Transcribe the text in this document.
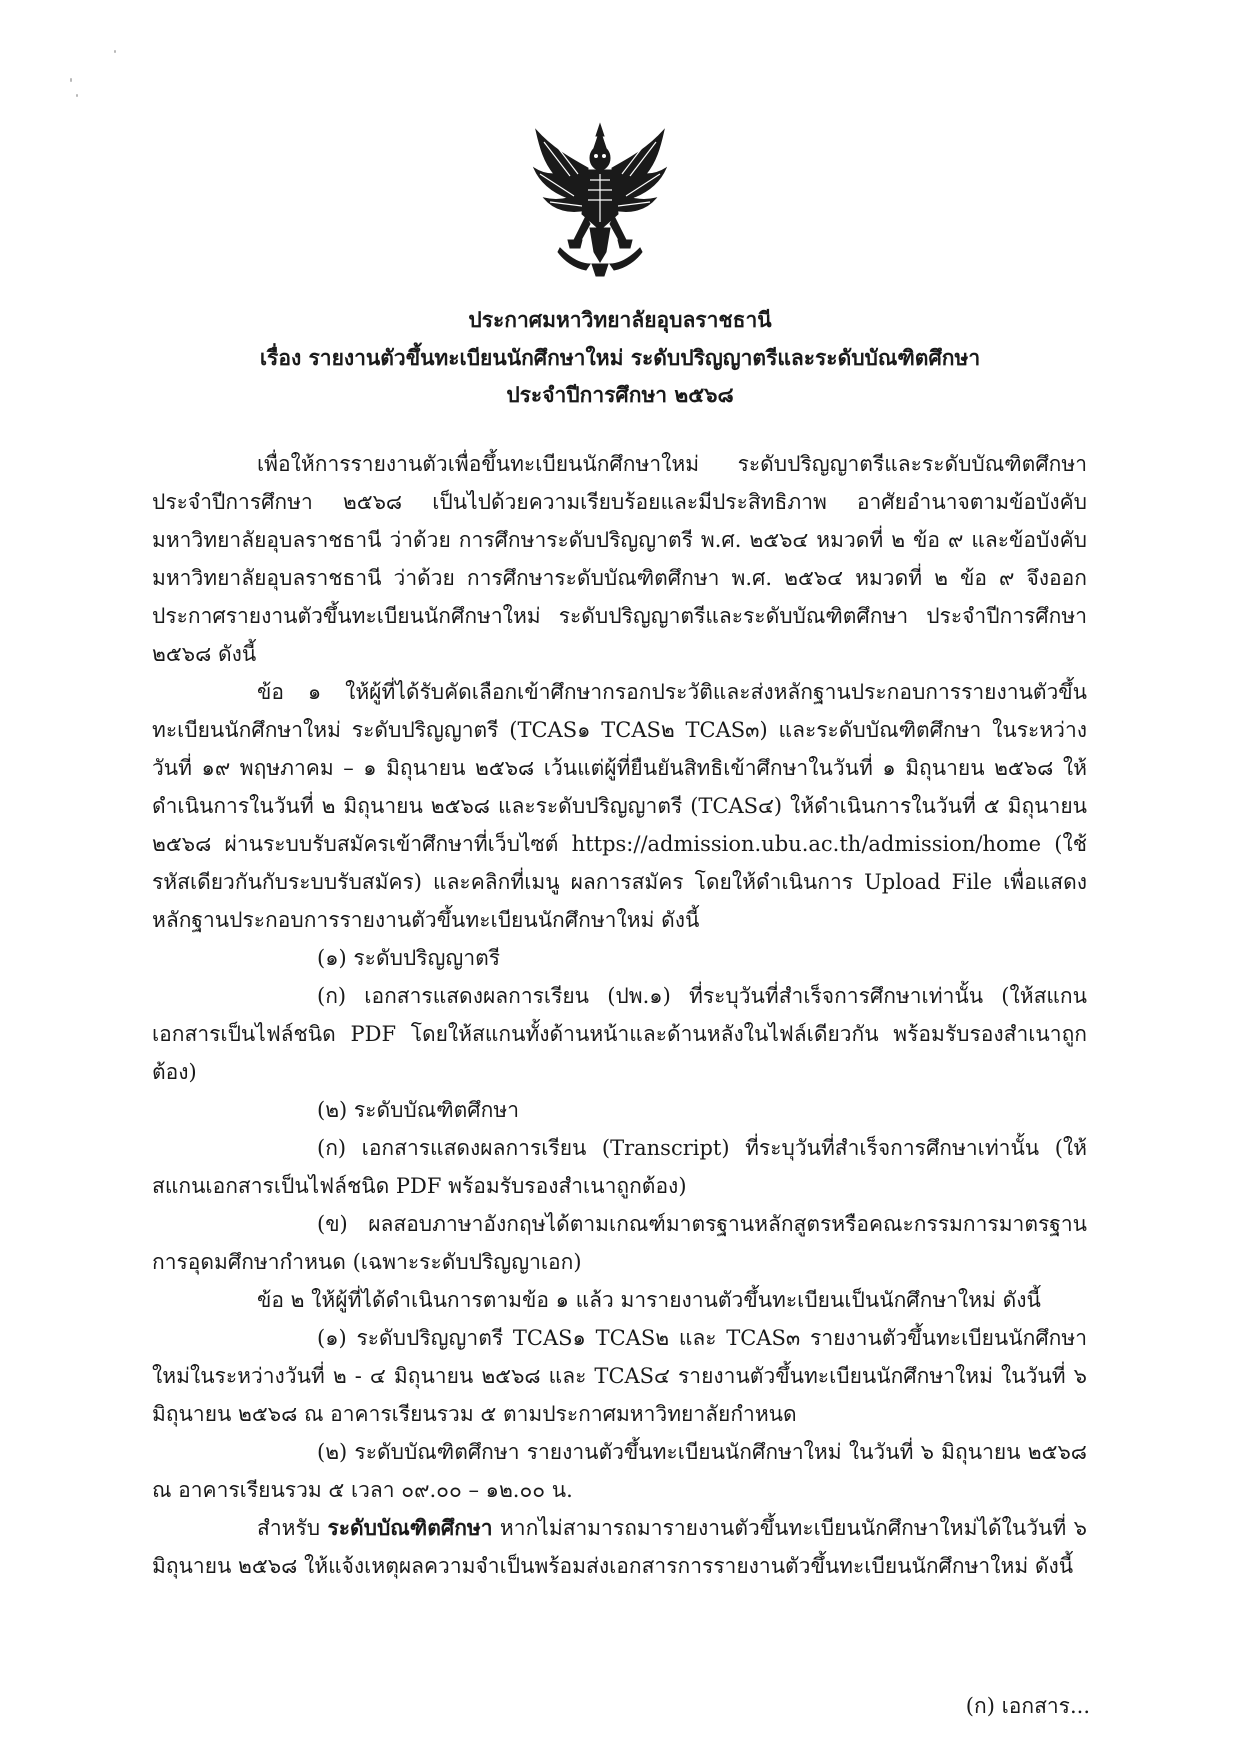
ประกาศมหาวิทยาลัยอุบลราชธานี
เรื่อง รายงานตัวขึ้นทะเบียนนักศึกษาใหม่ ระดับปริญญาตรีและระดับบัณฑิตศึกษา
ประจำปีการศึกษา ๒๕๖๘

เพื่อให้การรายงานตัวเพื่อขึ้นทะเบียนนักศึกษาใหม่ ระดับปริญญาตรีและระดับบัณฑิตศึกษา ประจำปีการศึกษา ๒๕๖๘ เป็นไปด้วยความเรียบร้อยและมีประสิทธิภาพ อาศัยอำนาจตามข้อบังคับมหาวิทยาลัยอุบลราชธานี ว่าด้วย การศึกษาระดับปริญญาตรี พ.ศ. ๒๕๖๔ หมวดที่ ๒ ข้อ ๙ และข้อบังคับมหาวิทยาลัยอุบลราชธานี ว่าด้วย การศึกษาระดับบัณฑิตศึกษา พ.ศ. ๒๕๖๔ หมวดที่ ๒ ข้อ ๙ จึงออกประกาศรายงานตัวขึ้นทะเบียนนักศึกษาใหม่ ระดับปริญญาตรีและระดับบัณฑิตศึกษา ประจำปีการศึกษา ๒๕๖๘ ดังนี้

ข้อ ๑ ให้ผู้ที่ได้รับคัดเลือกเข้าศึกษากรอกประวัติและส่งหลักฐานประกอบการรายงานตัวขึ้นทะเบียนนักศึกษาใหม่ ระดับปริญญาตรี (TCAS๑ TCAS๒ TCAS๓) และระดับบัณฑิตศึกษา ในระหว่างวันที่ ๑๙ พฤษภาคม – ๑ มิถุนายน ๒๕๖๘ เว้นแต่ผู้ที่ยืนยันสิทธิเข้าศึกษาในวันที่ ๑ มิถุนายน ๒๕๖๘ ให้ดำเนินการในวันที่ ๒ มิถุนายน ๒๕๖๘ และระดับปริญญาตรี (TCAS๔) ให้ดำเนินการในวันที่ ๕ มิถุนายน ๒๕๖๘ ผ่านระบบรับสมัครเข้าศึกษาที่เว็บไซต์ https://admission.ubu.ac.th/admission/home (ใช้รหัสเดียวกันกับระบบรับสมัคร) และคลิกที่เมนู ผลการสมัคร โดยให้ดำเนินการ Upload File เพื่อแสดงหลักฐานประกอบการรายงานตัวขึ้นทะเบียนนักศึกษาใหม่ ดังนี้

(๑) ระดับปริญญาตรี

(ก) เอกสารแสดงผลการเรียน (ปพ.๑) ที่ระบุวันที่สำเร็จการศึกษาเท่านั้น (ให้สแกนเอกสารเป็นไฟล์ชนิด PDF โดยให้สแกนทั้งด้านหน้าและด้านหลังในไฟล์เดียวกัน พร้อมรับรองสำเนาถูกต้อง)

(๒) ระดับบัณฑิตศึกษา

(ก) เอกสารแสดงผลการเรียน (Transcript) ที่ระบุวันที่สำเร็จการศึกษาเท่านั้น (ให้สแกนเอกสารเป็นไฟล์ชนิด PDF พร้อมรับรองสำเนาถูกต้อง)

(ข) ผลสอบภาษาอังกฤษได้ตามเกณฑ์มาตรฐานหลักสูตรหรือคณะกรรมการมาตรฐานการอุดมศึกษากำหนด (เฉพาะระดับปริญญาเอก)

ข้อ ๒ ให้ผู้ที่ได้ดำเนินการตามข้อ ๑ แล้ว มารายงานตัวขึ้นทะเบียนเป็นนักศึกษาใหม่ ดังนี้

(๑) ระดับปริญญาตรี TCAS๑ TCAS๒ และ TCAS๓ รายงานตัวขึ้นทะเบียนนักศึกษาใหม่ในระหว่างวันที่ ๒ - ๔ มิถุนายน ๒๕๖๘ และ TCAS๔ รายงานตัวขึ้นทะเบียนนักศึกษาใหม่ ในวันที่ ๖ มิถุนายน ๒๕๖๘ ณ อาคารเรียนรวม ๕ ตามประกาศมหาวิทยาลัยกำหนด

(๒) ระดับบัณฑิตศึกษา รายงานตัวขึ้นทะเบียนนักศึกษาใหม่ ในวันที่ ๖ มิถุนายน ๒๕๖๘ ณ อาคารเรียนรวม ๕ เวลา ๐๙.๐๐ – ๑๒.๐๐ น.

สำหรับ ระดับบัณฑิตศึกษา หากไม่สามารถมารายงานตัวขึ้นทะเบียนนักศึกษาใหม่ได้ในวันที่ ๖ มิถุนายน ๒๕๖๘ ให้แจ้งเหตุผลความจำเป็นพร้อมส่งเอกสารการรายงานตัวขึ้นทะเบียนนักศึกษาใหม่ ดังนี้

(ก) เอกสาร...
